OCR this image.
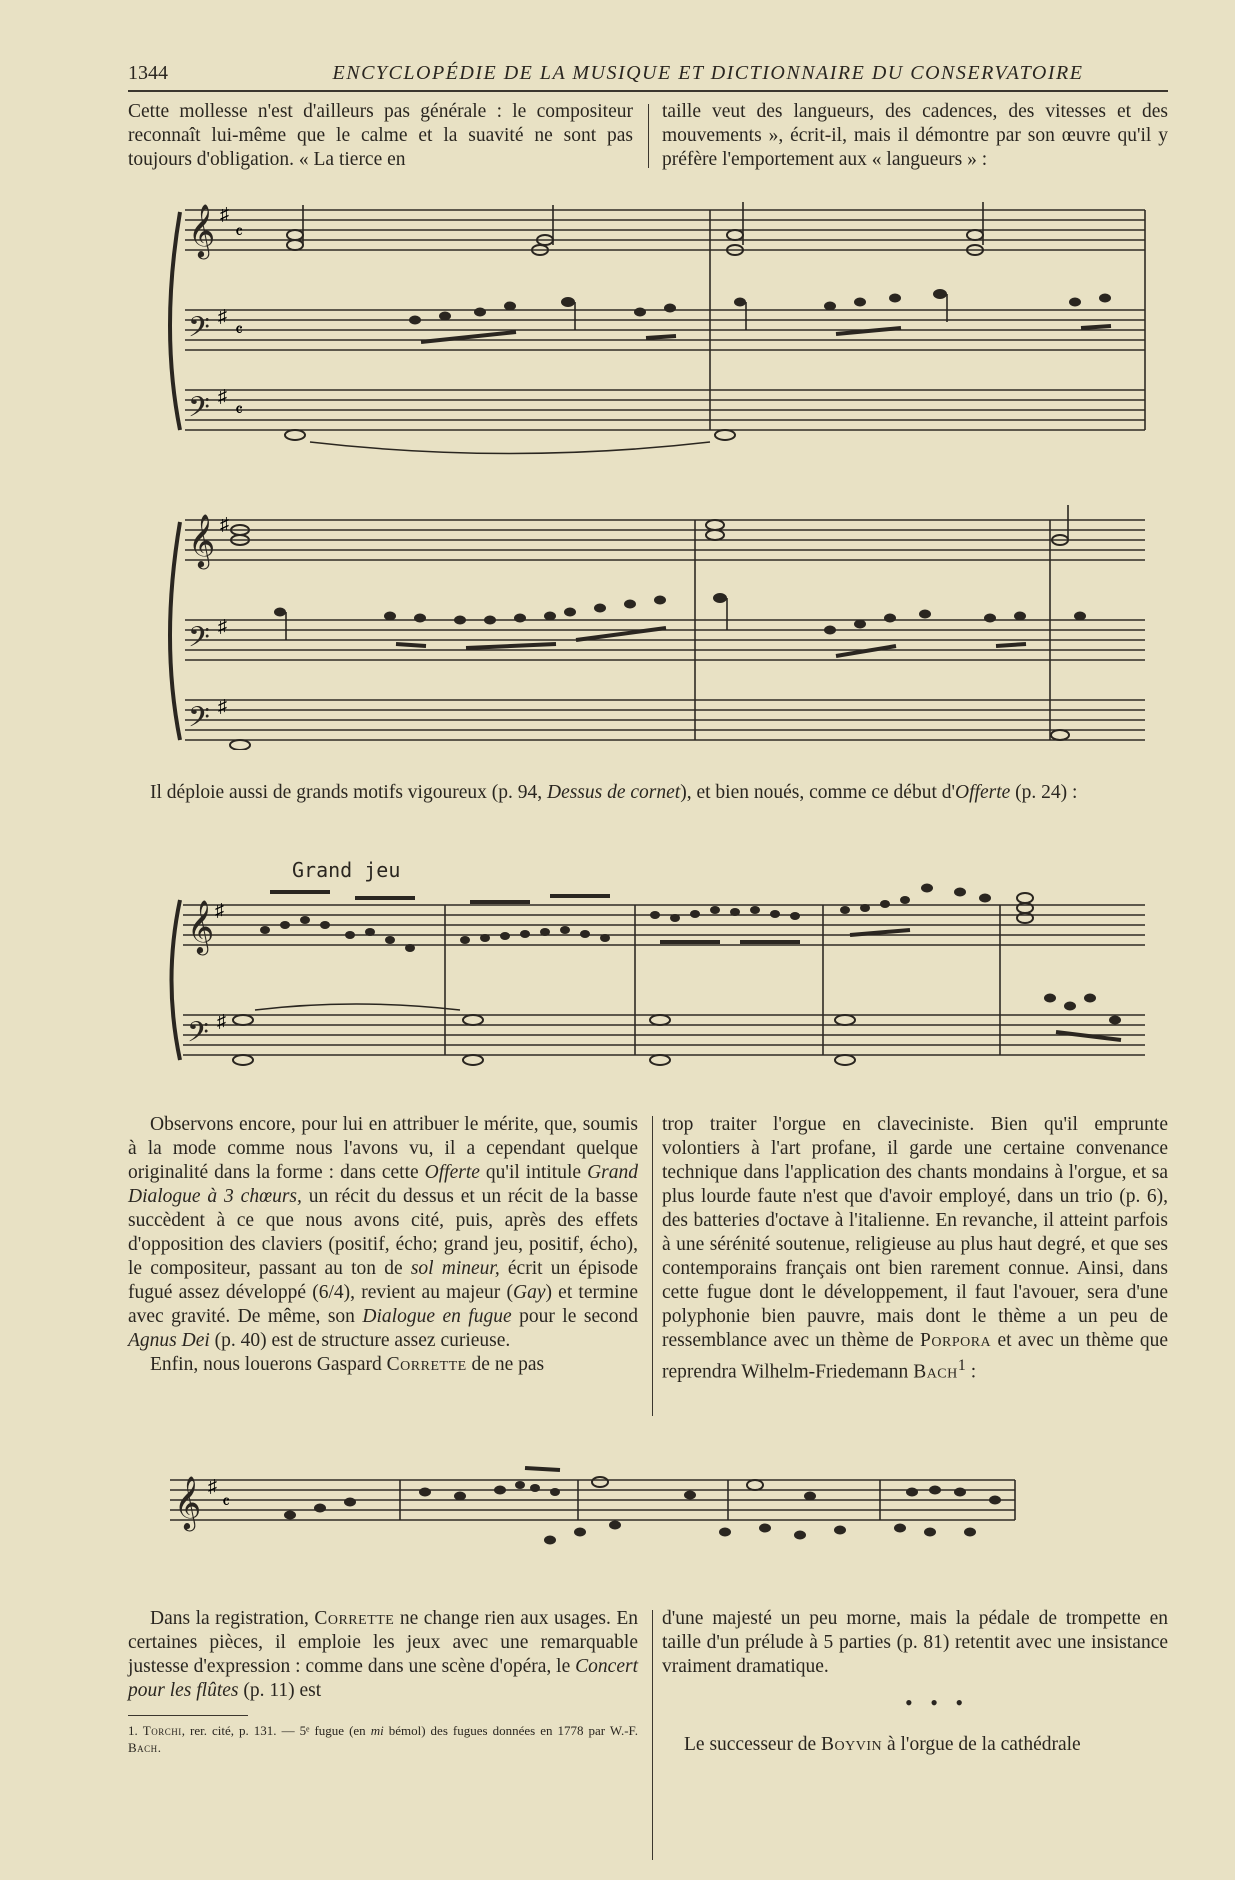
1344	ENCYCLOPÉDIE DE LA MUSIQUE ET DICTIONNAIRE DU CONSERVATOIRE

Cette mollesse n'est d'ailleurs pas générale : le compositeur reconnaît lui-même que le calme et la suavité ne sont pas toujours d'obligation. « La tierce en

taille veut des langueurs, des cadences, des vitesses et des mouvements », écrit-il, mais il démontre par son œuvre qu'il y préfère l'emportement aux « langueurs » :

𝄞 ♯
𝄴
𝄢 ♯
𝄴
𝄢 ♯
𝄴
𝄞 ♯
𝄢 ♯
𝄢 ♯

Il déploie aussi de grands motifs vigoureux (p. 94, Dessus de cornet), et bien noués, comme ce début d'Offerte (p. 24) :

Grand jeu
𝄞 ♯
𝄢 ♯

Observons encore, pour lui en attribuer le mérite, que, soumis à la mode comme nous l'avons vu, il a cependant quelque originalité dans la forme : dans cette Offerte qu'il intitule Grand Dialogue à 3 chœurs, un récit du dessus et un récit de la basse succèdent à ce que nous avons cité, puis, après des effets d'opposition des claviers (positif, écho; grand jeu, positif, écho), le compositeur, passant au ton de sol mineur, écrit un épisode fugué assez développé (6/4), revient au majeur (Gay) et termine avec gravité. De même, son Dialogue en fugue pour le second Agnus Dei (p. 40) est de structure assez curieuse.

Enfin, nous louerons Gaspard Corrette de ne pas

trop traiter l'orgue en claveciniste. Bien qu'il emprunte volontiers à l'art profane, il garde une certaine convenance technique dans l'application des chants mondains à l'orgue, et sa plus lourde faute n'est que d'avoir employé, dans un trio (p. 6), des batteries d'octave à l'italienne. En revanche, il atteint parfois à une sérénité soutenue, religieuse au plus haut degré, et que ses contemporains français ont bien rarement connue. Ainsi, dans cette fugue dont le développement, il faut l'avouer, sera d'une polyphonie bien pauvre, mais dont le thème a un peu de ressemblance avec un thème de Porpora et avec un thème que reprendra Wilhelm-Friedemann Bach$^1$ :

𝄞 ♯
𝄴

Dans la registration, Corrette ne change rien aux usages. En certaines pièces, il emploie les jeux avec une remarquable justesse d'expression : comme dans une scène d'opéra, le Concert pour les flûtes (p. 11) est

d'une majesté un peu morne, mais la pédale de trompette en taille d'un prélude à 5 parties (p. 81) retentit avec une insistance vraiment dramatique.

• • •

Le successeur de Boyvin à l'orgue de la cathédrale

1. Torchi, rer. cité, p. 131. — 5ᵉ fugue (en mi bémol) des fugues données en 1778 par W.-F. Bach.
